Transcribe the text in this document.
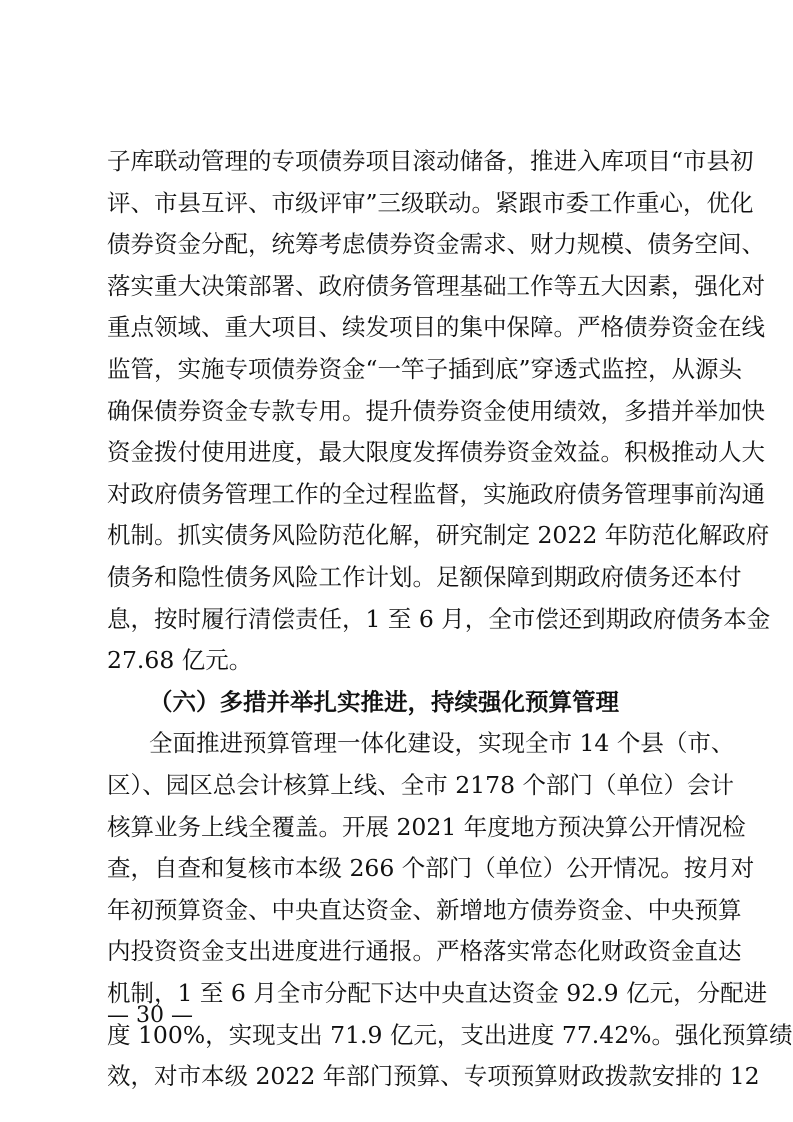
子库联动管理的专项债券项目滚动储备，推进入库项目“市县初
评、市县互评、市级评审”三级联动。紧跟市委工作重心，优化
债券资金分配，统筹考虑债券资金需求、财力规模、债务空间、
落实重大决策部署、政府债务管理基础工作等五大因素，强化对
重点领域、重大项目、续发项目的集中保障。严格债券资金在线
监管，实施专项债券资金“一竿子插到底”穿透式监控，从源头
确保债券资金专款专用。提升债券资金使用绩效，多措并举加快
资金拨付使用进度，最大限度发挥债券资金效益。积极推动人大
对政府债务管理工作的全过程监督，实施政府债务管理事前沟通
机制。抓实债务风险防范化解，研究制定 2022 年防范化解政府
债务和隐性债务风险工作计划。足额保障到期政府债务还本付
息，按时履行清偿责任，1 至 6 月，全市偿还到期政府债务本金
27.68 亿元。
（六）多措并举扎实推进，持续强化预算管理
全面推进预算管理一体化建设，实现全市 14 个县（市、
区）、园区总会计核算上线、全市 2178 个部门（单位）会计
核算业务上线全覆盖。开展 2021 年度地方预决算公开情况检
查，自查和复核市本级 266 个部门（单位）公开情况。按月对
年初预算资金、中央直达资金、新增地方债券资金、中央预算
内投资资金支出进度进行通报。严格落实常态化财政资金直达
机制，1 至 6 月全市分配下达中央直达资金 92.9 亿元，分配进
度 100%，实现支出 71.9 亿元，支出进度 77.42%。强化预算绩
效，对市本级 2022 年部门预算、专项预算财政拨款安排的 12
— 30 —
